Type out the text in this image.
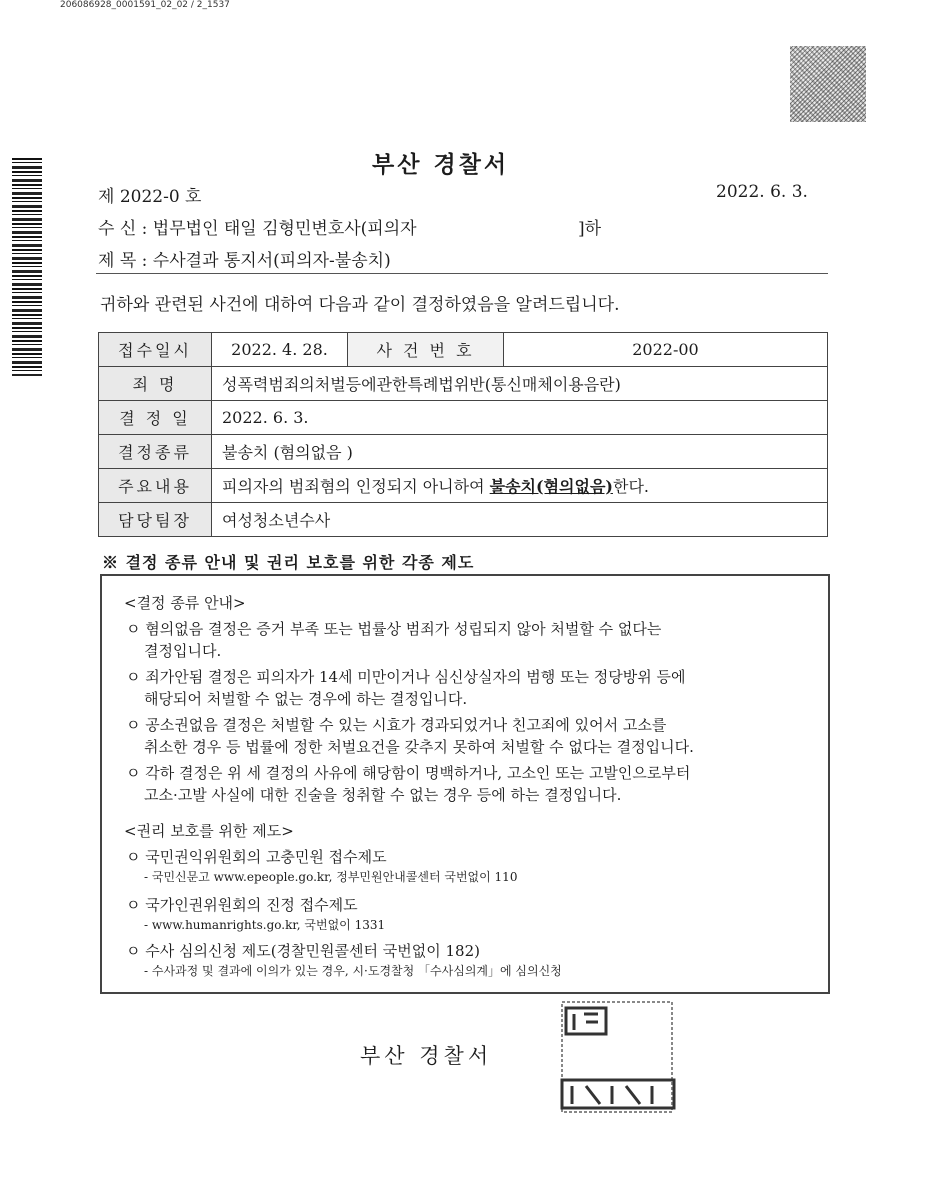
206086928_0001591_02_02 / 2_1537
부산 경찰서
제 2022-0 호	2022. 6. 3.
수 신 : 법무법인 태일 김형민변호사(피의자	]하
제 목 : 수사결과 통지서(피의자-불송치)
귀하와 관련된 사건에 대하여 다음과 같이 결정하였음을 알려드립니다.
접수일시	2022. 4. 28.	사 건 번 호	2022-00
죄 명	성폭력범죄의처벌등에관한특례법위반(통신매체이용음란)		
결 정 일	2022. 6. 3.		
결정종류	불송치 (혐의없음 )		
주요내용	피의자의 범죄혐의 인정되지 아니하여 불송치(혐의없음)한다.		
담당팀장	여성청소년수사		
※ 결정 종류 안내 및 권리 보호를 위한 각종 제도
<결정 종류 안내>
ㅇ 혐의없음 결정은 증거 부족 또는 법률상 범죄가 성립되지 않아 처벌할 수 없다는
결정입니다.
ㅇ 죄가안됨 결정은 피의자가 14세 미만이거나 심신상실자의 범행 또는 정당방위 등에
해당되어 처벌할 수 없는 경우에 하는 결정입니다.
ㅇ 공소권없음 결정은 처벌할 수 있는 시효가 경과되었거나 친고죄에 있어서 고소를
취소한 경우 등 법률에 정한 처벌요건을 갖추지 못하여 처벌할 수 없다는 결정입니다.
ㅇ 각하 결정은 위 세 결정의 사유에 해당함이 명백하거나, 고소인 또는 고발인으로부터
고소·고발 사실에 대한 진술을 청취할 수 없는 경우 등에 하는 결정입니다.
<권리 보호를 위한 제도>
ㅇ 국민권익위원회의 고충민원 접수제도
- 국민신문고 www.epeople.go.kr, 정부민원안내콜센터 국번없이 110
ㅇ 국가인권위원회의 진정 접수제도
- www.humanrights.go.kr, 국번없이 1331
ㅇ 수사 심의신청 제도(경찰민원콜센터 국번없이 182)
- 수사과정 및 결과에 이의가 있는 경우, 시·도경찰청 「수사심의계」에 심의신청
부산 경찰서
